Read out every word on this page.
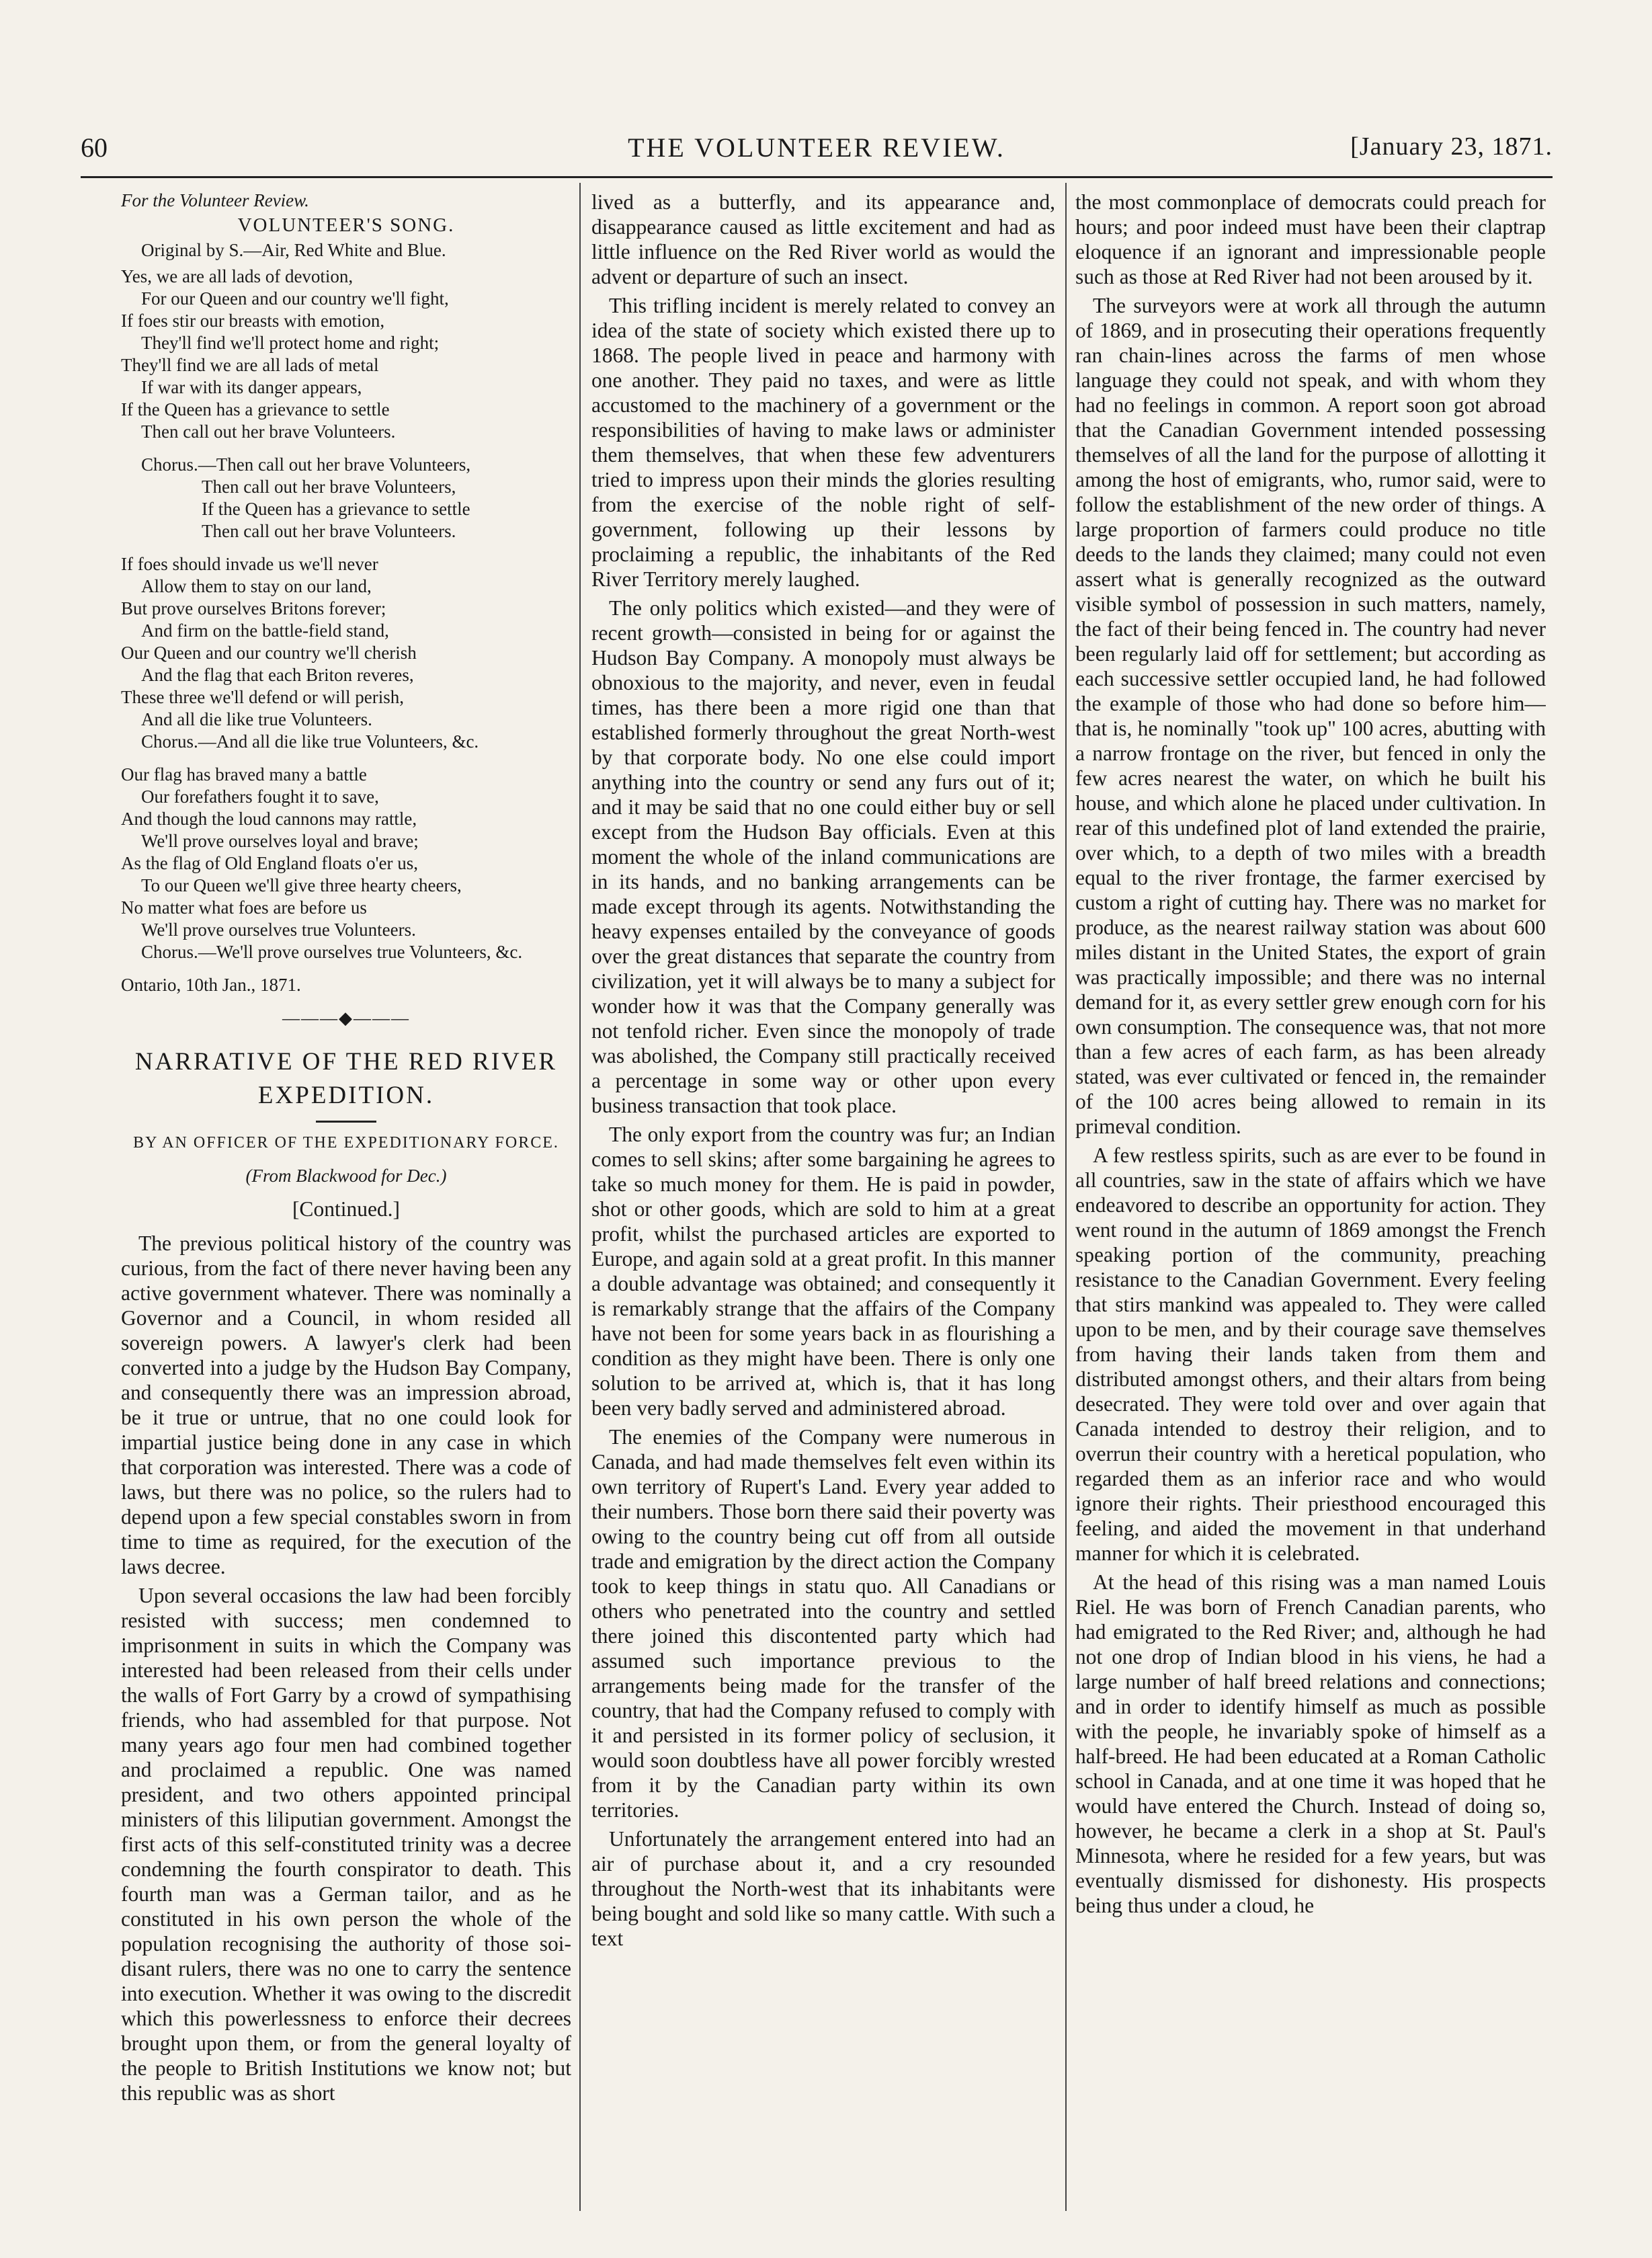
60	THE VOLUNTEER REVIEW.	[January 23, 1871.
For the Volunteer Review.
VOLUNTEER'S SONG.
Original by S.—Air, Red White and Blue.
Yes, we are all lads of devotion,
For our Queen and our country we'll fight,
If foes stir our breasts with emotion,
They'll find we'll protect home and right;
They'll find we are all lads of metal
If war with its danger appears,
If the Queen has a grievance to settle
Then call out her brave Volunteers.
Chorus.—Then call out her brave Volunteers,
Then call out her brave Volunteers,
If the Queen has a grievance to settle
Then call out her brave Volunteers.
If foes should invade us we'll never
Allow them to stay on our land,
But prove ourselves Britons forever;
And firm on the battle-field stand,
Our Queen and our country we'll cherish
And the flag that each Briton reveres,
These three we'll defend or will perish,
And all die like true Volunteers.
Chorus.—And all die like true Volunteers, &c.
Our flag has braved many a battle
Our forefathers fought it to save,
And though the loud cannons may rattle,
We'll prove ourselves loyal and brave;
As the flag of Old England floats o'er us,
To our Queen we'll give three hearty cheers,
No matter what foes are before us
We'll prove ourselves true Volunteers.
Chorus.—We'll prove ourselves true Volunteers, &c.
Ontario, 10th Jan., 1871.
———◆———
NARRATIVE OF THE RED RIVER EXPEDITION.
BY AN OFFICER OF THE EXPEDITIONARY FORCE.
(From Blackwood for Dec.)
[Continued.]

The previous political history of the country was curious, from the fact of there never having been any active government whatever. There was nominally a Governor and a Council, in whom resided all sovereign powers. A lawyer's clerk had been converted into a judge by the Hudson Bay Company, and consequently there was an impression abroad, be it true or untrue, that no one could look for impartial justice being done in any case in which that corporation was interested. There was a code of laws, but there was no police, so the rulers had to depend upon a few special constables sworn in from time to time as required, for the execution of the laws decree.

Upon several occasions the law had been forcibly resisted with success; men condemned to imprisonment in suits in which the Company was interested had been released from their cells under the walls of Fort Garry by a crowd of sympathising friends, who had assembled for that purpose. Not many years ago four men had combined together and proclaimed a republic. One was named president, and two others appointed principal ministers of this liliputian government. Amongst the first acts of this self-constituted trinity was a decree condemning the fourth conspirator to death. This fourth man was a German tailor, and as he constituted in his own person the whole of the population recognising the authority of those soi-disant rulers, there was no one to carry the sentence into execution. Whether it was owing to the discredit which this powerlessness to enforce their decrees brought upon them, or from the general loyalty of the people to British Institutions we know not; but this republic was as short

lived as a butterfly, and its appearance and, disappearance caused as little excitement and had as little influence on the Red River world as would the advent or departure of such an insect.

This trifling incident is merely related to convey an idea of the state of society which existed there up to 1868. The people lived in peace and harmony with one another. They paid no taxes, and were as little accustomed to the machinery of a government or the responsibilities of having to make laws or administer them themselves, that when these few adventurers tried to impress upon their minds the glories resulting from the exercise of the noble right of self-government, following up their lessons by proclaiming a republic, the inhabitants of the Red River Territory merely laughed.

The only politics which existed—and they were of recent growth—consisted in being for or against the Hudson Bay Company. A monopoly must always be obnoxious to the majority, and never, even in feudal times, has there been a more rigid one than that established formerly throughout the great North-west by that corporate body. No one else could import anything into the country or send any furs out of it; and it may be said that no one could either buy or sell except from the Hudson Bay officials. Even at this moment the whole of the inland communications are in its hands, and no banking arrangements can be made except through its agents. Notwithstanding the heavy expenses entailed by the conveyance of goods over the great distances that separate the country from civilization, yet it will always be to many a subject for wonder how it was that the Company generally was not tenfold richer. Even since the monopoly of trade was abolished, the Company still practically received a percentage in some way or other upon every business transaction that took place.

The only export from the country was fur; an Indian comes to sell skins; after some bargaining he agrees to take so much money for them. He is paid in powder, shot or other goods, which are sold to him at a great profit, whilst the purchased articles are exported to Europe, and again sold at a great profit. In this manner a double advantage was obtained; and consequently it is remarkably strange that the affairs of the Company have not been for some years back in as flourishing a condition as they might have been. There is only one solution to be arrived at, which is, that it has long been very badly served and administered abroad.

The enemies of the Company were numerous in Canada, and had made themselves felt even within its own territory of Rupert's Land. Every year added to their numbers. Those born there said their poverty was owing to the country being cut off from all outside trade and emigration by the direct action the Company took to keep things in statu quo. All Canadians or others who penetrated into the country and settled there joined this discontented party which had assumed such importance previous to the arrangements being made for the transfer of the country, that had the Company refused to comply with it and persisted in its former policy of seclusion, it would soon doubtless have all power forcibly wrested from it by the Canadian party within its own territories.

Unfortunately the arrangement entered into had an air of purchase about it, and a cry resounded throughout the North-west that its inhabitants were being bought and sold like so many cattle. With such a text

the most commonplace of democrats could preach for hours; and poor indeed must have been their claptrap eloquence if an ignorant and impressionable people such as those at Red River had not been aroused by it.

The surveyors were at work all through the autumn of 1869, and in prosecuting their operations frequently ran chain-lines across the farms of men whose language they could not speak, and with whom they had no feelings in common. A report soon got abroad that the Canadian Government intended possessing themselves of all the land for the purpose of allotting it among the host of emigrants, who, rumor said, were to follow the establishment of the new order of things. A large proportion of farmers could produce no title deeds to the lands they claimed; many could not even assert what is generally recognized as the outward visible symbol of possession in such matters, namely, the fact of their being fenced in. The country had never been regularly laid off for settlement; but according as each successive settler occupied land, he had followed the example of those who had done so before him—that is, he nominally "took up" 100 acres, abutting with a narrow frontage on the river, but fenced in only the few acres nearest the water, on which he built his house, and which alone he placed under cultivation. In rear of this undefined plot of land extended the prairie, over which, to a depth of two miles with a breadth equal to the river frontage, the farmer exercised by custom a right of cutting hay. There was no market for produce, as the nearest railway station was about 600 miles distant in the United States, the export of grain was practically impossible; and there was no internal demand for it, as every settler grew enough corn for his own consumption. The consequence was, that not more than a few acres of each farm, as has been already stated, was ever cultivated or fenced in, the remainder of the 100 acres being allowed to remain in its primeval condition.

A few restless spirits, such as are ever to be found in all countries, saw in the state of affairs which we have endeavored to describe an opportunity for action. They went round in the autumn of 1869 amongst the French speaking portion of the community, preaching resistance to the Canadian Government. Every feeling that stirs mankind was appealed to. They were called upon to be men, and by their courage save themselves from having their lands taken from them and distributed amongst others, and their altars from being desecrated. They were told over and over again that Canada intended to destroy their religion, and to overrun their country with a heretical population, who regarded them as an inferior race and who would ignore their rights. Their priesthood encouraged this feeling, and aided the movement in that underhand manner for which it is celebrated.

At the head of this rising was a man named Louis Riel. He was born of French Canadian parents, who had emigrated to the Red River; and, although he had not one drop of Indian blood in his viens, he had a large number of half breed relations and connections; and in order to identify himself as much as possible with the people, he invariably spoke of himself as a half-breed. He had been educated at a Roman Catholic school in Canada, and at one time it was hoped that he would have entered the Church. Instead of doing so, however, he became a clerk in a shop at St. Paul's Minnesota, where he resided for a few years, but was eventually dismissed for dishonesty. His prospects being thus under a cloud, he
